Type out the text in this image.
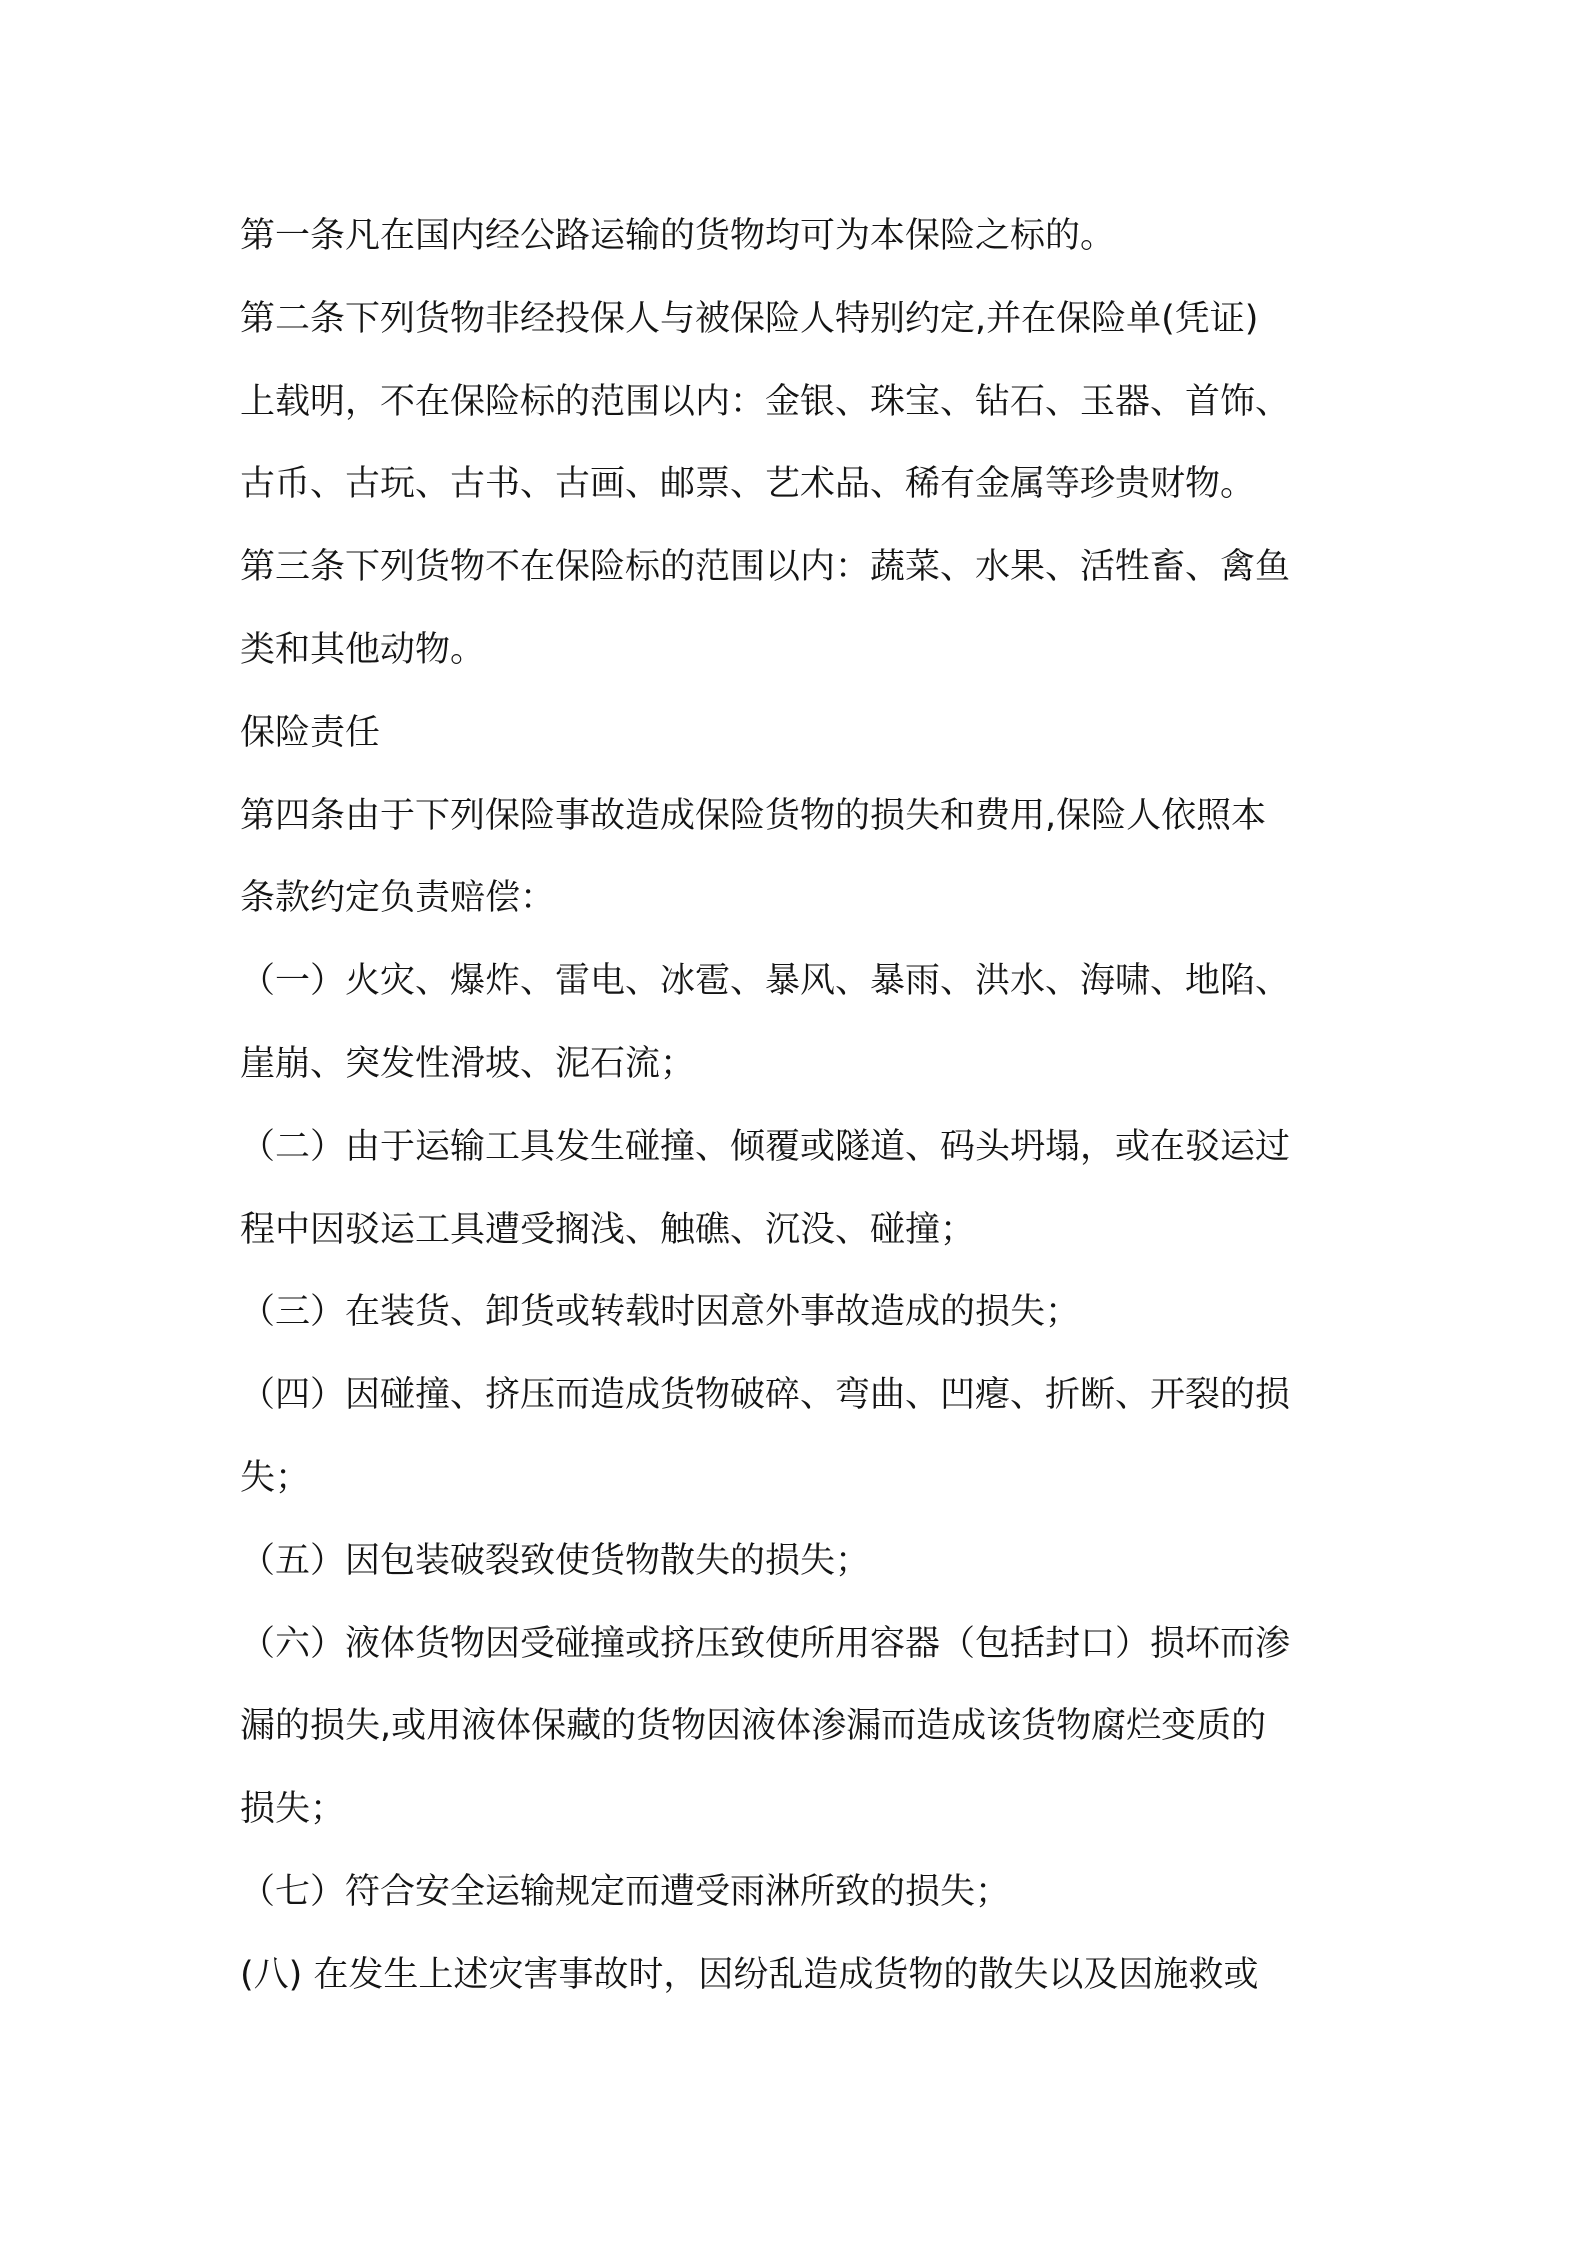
第一条凡在国内经公路运输的货物均可为本保险之标的。

第二条下列货物非经投保人与被保险人特别约定,并在保险单(凭证)

上载明，不在保险标的范围以内：金银、珠宝、钻石、玉器、首饰、

古币、古玩、古书、古画、邮票、艺术品、稀有金属等珍贵财物。

第三条下列货物不在保险标的范围以内：蔬菜、水果、活牲畜、禽鱼

类和其他动物。

保险责任

第四条由于下列保险事故造成保险货物的损失和费用,保险人依照本

条款约定负责赔偿：

（一）火灾、爆炸、雷电、冰雹、暴风、暴雨、洪水、海啸、地陷、

崖崩、突发性滑坡、泥石流；

（二）由于运输工具发生碰撞、倾覆或隧道、码头坍塌，或在驳运过

程中因驳运工具遭受搁浅、触礁、沉没、碰撞；

（三）在装货、卸货或转载时因意外事故造成的损失；

（四）因碰撞、挤压而造成货物破碎、弯曲、凹瘪、折断、开裂的损

失；

（五）因包装破裂致使货物散失的损失；

（六）液体货物因受碰撞或挤压致使所用容器（包括封口）损坏而渗

漏的损失,或用液体保藏的货物因液体渗漏而造成该货物腐烂变质的

损失；

（七）符合安全运输规定而遭受雨淋所致的损失；

(八) 在发生上述灾害事故时，因纷乱造成货物的散失以及因施救或
